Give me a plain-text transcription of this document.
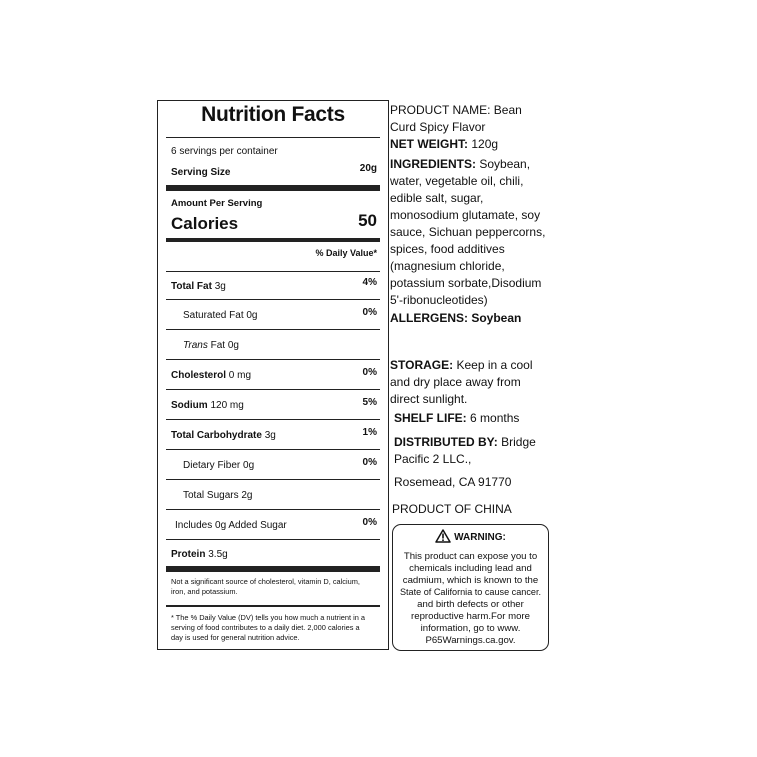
Nutrition Facts
6 servings per container
Serving Size	20g
Amount Per Serving
Calories	50
% Daily Value*
Total Fat 3g	4%
Saturated Fat 0g	0%
Trans Fat 0g
Cholesterol 0 mg	0%
Sodium 120 mg	5%
Total Carbohydrate 3g	1%
Dietary Fiber 0g	0%
Total Sugars 2g
Includes 0g Added Sugar	0%
Protein 3.5g
Not a significant source of cholesterol, vitamin D, calcium,
iron, and potassium.
* The % Daily Value (DV) tells you how much a nutrient in a
serving of food contributes to a daily diet. 2,000 calories a
day is used for general nutrition advice.
PRODUCT NAME: Bean
Curd Spicy Flavor
NET WEIGHT: 120g
INGREDIENTS: Soybean,
water, vegetable oil, chili,
edible salt, sugar,
monosodium glutamate, soy
sauce, Sichuan peppercorns,
spices, food additives
(magnesium chloride,
potassium sorbate,Disodium
5'-ribonucleotides)
ALLERGENS: Soybean
STORAGE: Keep in a cool
and dry place away from
direct sunlight.
SHELF LIFE: 6 months
DISTRIBUTED BY: Bridge
Pacific 2 LLC.,
Rosemead, CA 91770
PRODUCT OF CHINA
WARNING:
This product can expose you to
chemicals including lead and
cadmium, which is known to the
State of California to cause cancer.
and birth defects or other
reproductive harm.For more
information, go to www.
P65Warnings.ca.gov.
